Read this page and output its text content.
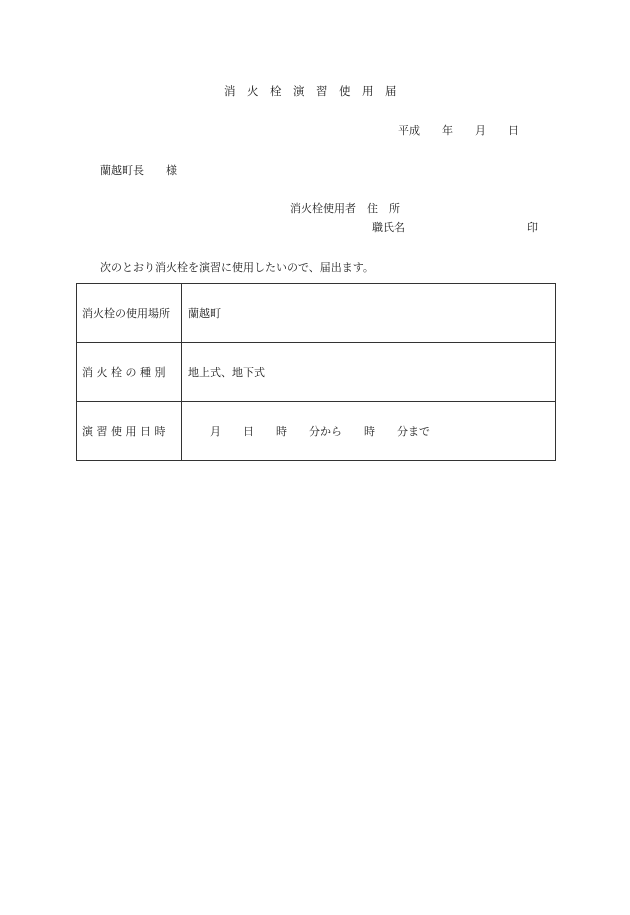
消　火　栓　演　習　使　用　届
平成　　年　　月　　日
蘭越町長　　様
消火栓使用者　住　所
職氏名	印
次のとおり消火栓を演習に使用したいので、届出ます。
消火栓の使用場所	蘭越町
消 火 栓 の 種 別	地上式、地下式
演 習 使 用 日 時	　　月　　日　　時　　分から　　時　　分まで
